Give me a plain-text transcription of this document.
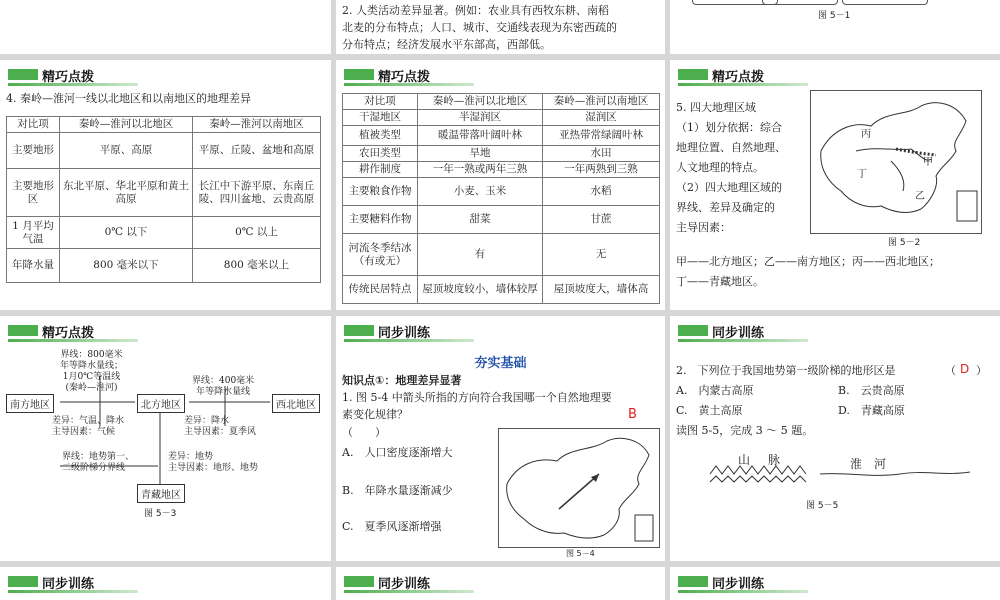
2. 人类活动差异显著。例如：农业具有西牧东耕、南稻
北麦的分布特点；人口、城市、交通线表现为东密西疏的
分布特点；经济发展水平东部高，西部低。
图 5－1
精巧点拨
4. 秦岭—淮河一线以北地区和以南地区的地理差异
对比项	秦岭—淮河以北地区	秦岭—淮河以南地区
主要地形	平原、高原	平原、丘陵、盆地和高原
主要地形区	东北平原、华北平原和黄土高原	长江中下游平原、东南丘陵、四川盆地、云贵高原
1 月平均气温	0℃ 以下	0℃ 以上
年降水量	800 毫米以下	800 毫米以上
精巧点拨
对比项	秦岭—淮河以北地区	秦岭—淮河以南地区
干湿地区	半湿润区	湿润区
植被类型	暖温带落叶阔叶林	亚热带常绿阔叶林
农田类型	旱地	水田
耕作制度	一年一熟或两年三熟	一年两熟到三熟
主要粮食作物	小麦、玉米	水稻
主要糖料作物	甜菜	甘蔗
河流冬季结冰（有或无）	有	无
传统民居特点	屋顶坡度较小，墙体较厚	屋顶坡度大，墙体高
精巧点拨
5. 四大地理区域
（1）划分依据：综合
地理位置、自然地理、
人文地理的特点。
（2）四大地理区域的
界线、差异及确定的
主导因素：
丙
甲
丁
乙
图 5－2
甲——北方地区；乙——南方地区；丙——西北地区；
丁——青藏地区。
精巧点拨
南方地区	北方地区	西北地区
青藏地区
界线：800毫米
年等降水量线；
1月0℃等温线
(秦岭—淮河)
界线：400毫米
年等降水量线
差异：气温、降水
主导因素：气候
差异：降水
主导因素：夏季风
界线：地势第一、
二级阶梯分界线
差异：地势
主导因素：地形、地势
图 5－3
同步训练
夯实基础
知识点①：地理差异显著
1. 图 5-4 中箭头所指的方向符合我国哪一个自然地理要
素变化规律？	B
（　　）
A.　人口密度逐渐增大
B.　年降水量逐渐减少
C.　夏季风逐渐增强
图 5－4
同步训练
2.　下列位于我国地势第一级阶梯的地形区是	（ D ）
A.　内蒙古高原	B.　云贵高原
C.　黄土高原	D.　青藏高原
读图 5-5，完成 3 ～ 5 题。
山 脉	淮 河
图 5－5
同步训练	同步训练	同步训练
